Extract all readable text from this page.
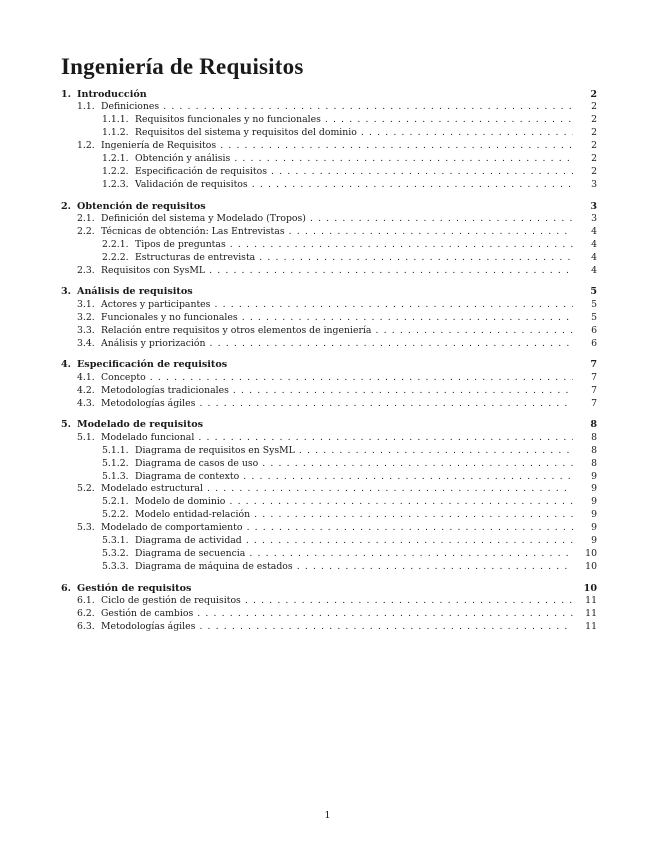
Ingeniería de Requisitos
1. Introducción	2
1.1. Definiciones . . .	2
1.1.1. Requisitos funcionales y no funcionales . . .	2
1.1.2. Requisitos del sistema y requisitos del dominio . . .	2
1.2. Ingeniería de Requisitos . . .	2
1.2.1. Obtención y análisis . . .	2
1.2.2. Especificación de requisitos . . .	2
1.2.3. Validación de requisitos . . .	3
2. Obtención de requisitos	3
2.1. Definición del sistema y Modelado (Tropos) . . .	3
2.2. Técnicas de obtención: Las Entrevistas . . .	4
2.2.1. Tipos de preguntas . . .	4
2.2.2. Estructuras de entrevista . . .	4
2.3. Requisitos con SysML . . .	4
3. Análisis de requisitos	5
3.1. Actores y participantes . . .	5
3.2. Funcionales y no funcionales . . .	5
3.3. Relación entre requisitos y otros elementos de ingeniería . . .	6
3.4. Análisis y priorización . . .	6
4. Especificación de requisitos	7
4.1. Concepto . . .	7
4.2. Metodologías tradicionales . . .	7
4.3. Metodologías ágiles . . .	7
5. Modelado de requisitos	8
5.1. Modelado funcional . . .	8
5.1.1. Diagrama de requisitos en SysML . . .	8
5.1.2. Diagrama de casos de uso . . .	8
5.1.3. Diagrama de contexto . . .	9
5.2. Modelado estructural . . .	9
5.2.1. Modelo de dominio . . .	9
5.2.2. Modelo entidad-relación . . .	9
5.3. Modelado de comportamiento . . .	9
5.3.1. Diagrama de actividad . . .	9
5.3.2. Diagrama de secuencia . . .	10
5.3.3. Diagrama de máquina de estados . . .	10
6. Gestión de requisitos	10
6.1. Ciclo de gestión de requisitos . . .	11
6.2. Gestión de cambios . . .	11
6.3. Metodologías ágiles . . .	11
1
